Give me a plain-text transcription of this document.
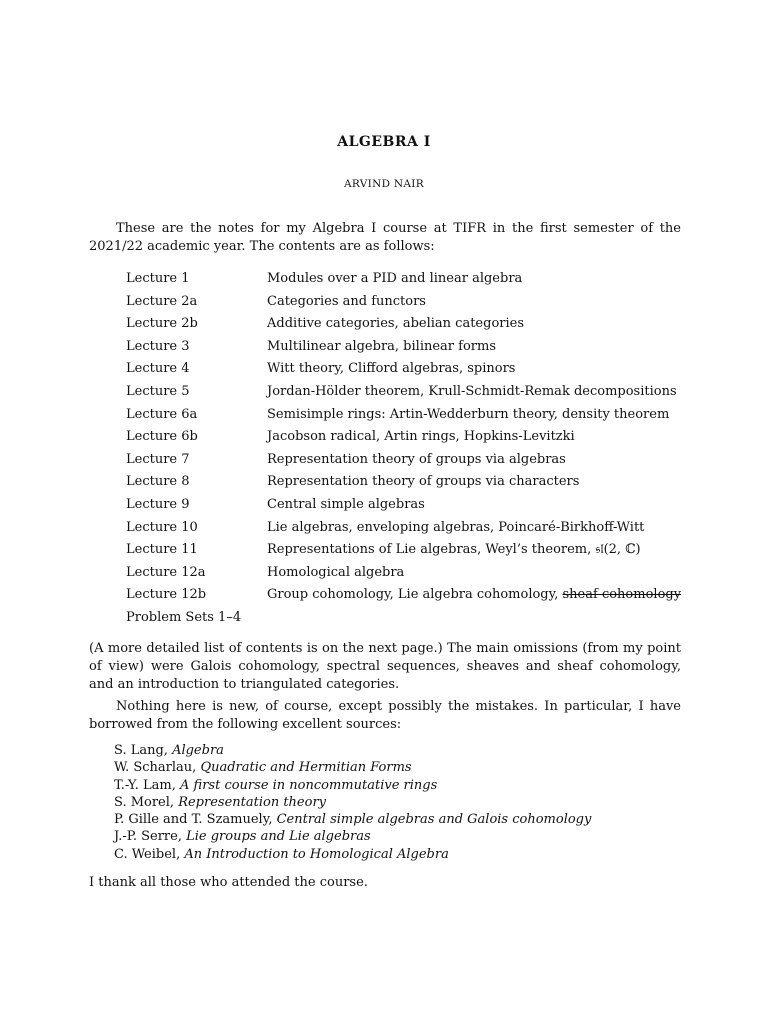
ALGEBRA I
ARVIND NAIR
These are the notes for my Algebra I course at TIFR in the first semester of the 2021/22 academic year. The contents are as follows:
Lecture 1	Modules over a PID and linear algebra
Lecture 2a	Categories and functors
Lecture 2b	Additive categories, abelian categories
Lecture 3	Multilinear algebra, bilinear forms
Lecture 4	Witt theory, Clifford algebras, spinors
Lecture 5	Jordan-Hölder theorem, Krull-Schmidt-Remak decompositions
Lecture 6a	Semisimple rings: Artin-Wedderburn theory, density theorem
Lecture 6b	Jacobson radical, Artin rings, Hopkins-Levitzki
Lecture 7	Representation theory of groups via algebras
Lecture 8	Representation theory of groups via characters
Lecture 9	Central simple algebras
Lecture 10	Lie algebras, enveloping algebras, Poincaré-Birkhoff-Witt
Lecture 11	Representations of Lie algebras, Weyl’s theorem, 𝔰𝔩(2, ℂ)
Lecture 12a	Homological algebra
Lecture 12b	Group cohomology, Lie algebra cohomology, sheaf cohomology
Problem Sets 1–4
(A more detailed list of contents is on the next page.) The main omissions (from my point of view) were Galois cohomology, spectral sequences, sheaves and sheaf cohomology, and an introduction to triangulated categories.
Nothing here is new, of course, except possibly the mistakes. In particular, I have borrowed from the following excellent sources:
S. Lang, Algebra
W. Scharlau, Quadratic and Hermitian Forms
T.-Y. Lam, A first course in noncommutative rings
S. Morel, Representation theory
P. Gille and T. Szamuely, Central simple algebras and Galois cohomology
J.-P. Serre, Lie groups and Lie algebras
C. Weibel, An Introduction to Homological Algebra
I thank all those who attended the course.
